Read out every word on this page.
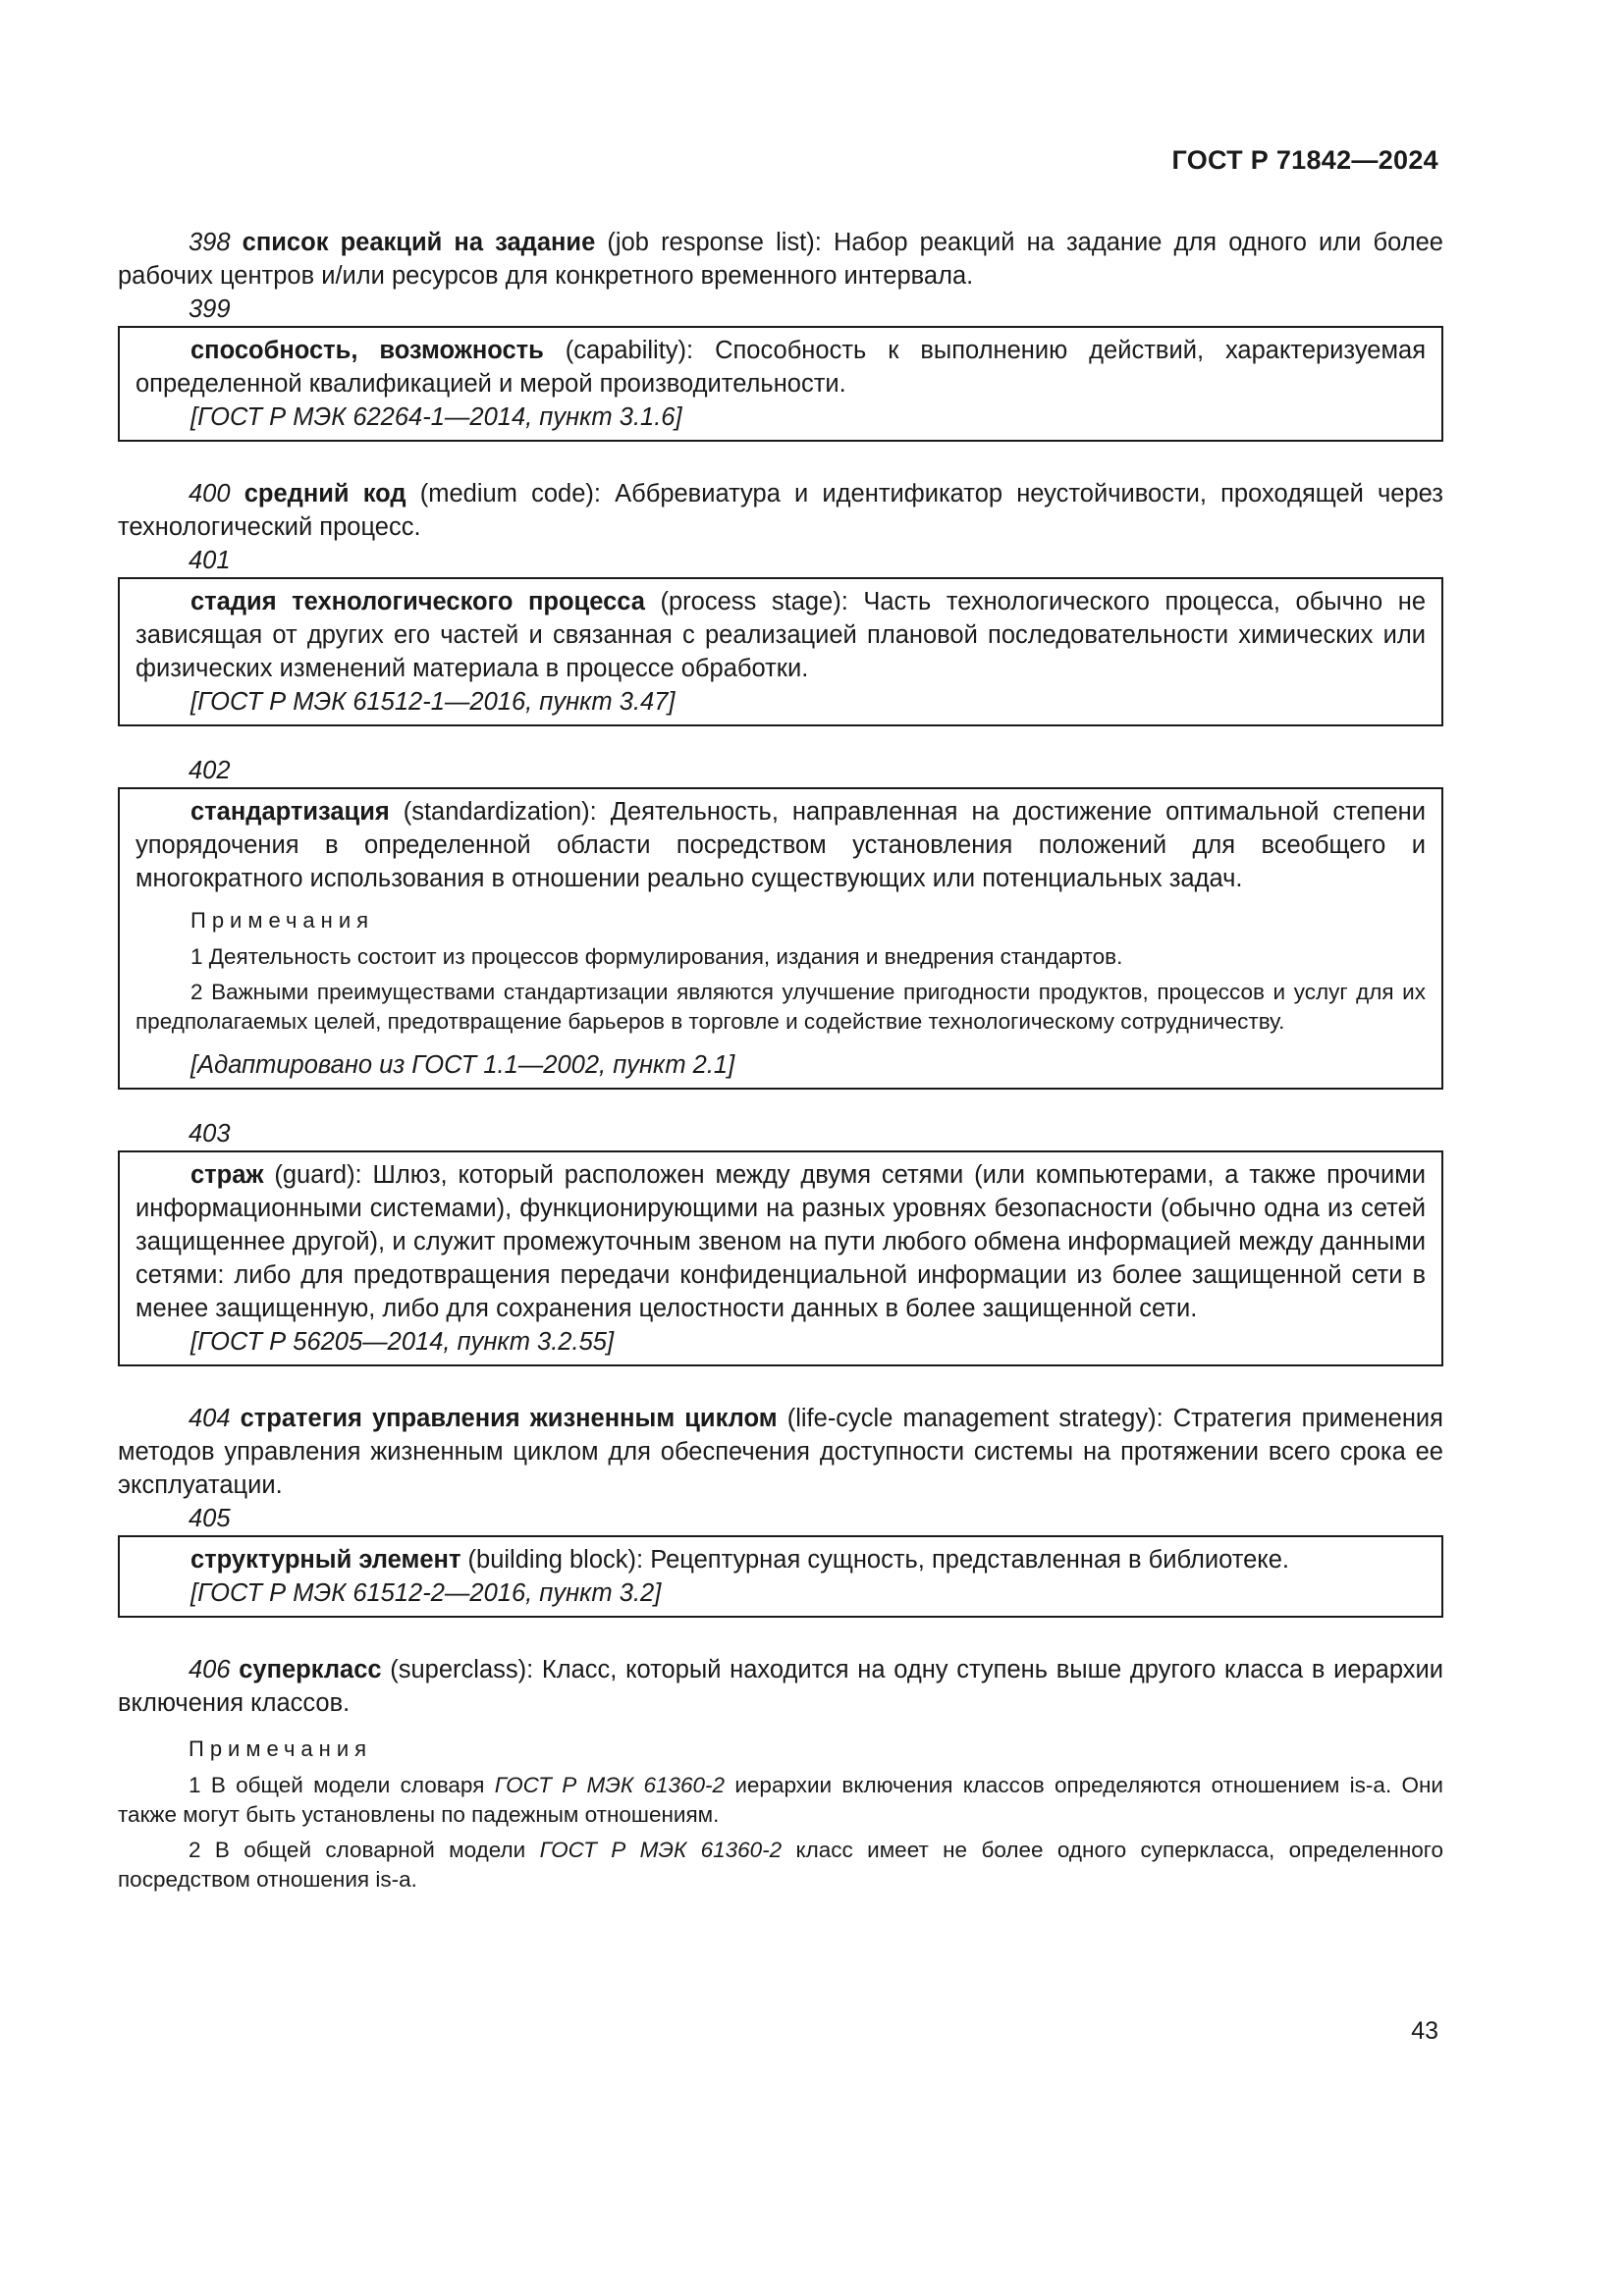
ГОСТ Р 71842—2024

398 список реакций на задание (job response list): Набор реакций на задание для одного или более рабочих центров и/или ресурсов для конкретного временного интервала.

399

способность, возможность (capability): Способность к выполнению действий, характеризуемая определенной квалификацией и мерой производительности.

[ГОСТ Р МЭК 62264-1—2014, пункт 3.1.6]

400 средний код (medium code): Аббревиатура и идентификатор неустойчивости, проходящей через технологический процесс.

401

стадия технологического процесса (process stage): Часть технологического процесса, обычно не зависящая от других его частей и связанная с реализацией плановой последовательности химических или физических изменений материала в процессе обработки.

[ГОСТ Р МЭК 61512-1—2016, пункт 3.47]
402

стандартизация (standardization): Деятельность, направленная на достижение оптимальной степени упорядочения в определенной области посредством установления положений для всеобщего и многократного использования в отношении реально существующих или потенциальных задач.

Примечания

1 Деятельность состоит из процессов формулирования, издания и внедрения стандартов.

2 Важными преимуществами стандартизации являются улучшение пригодности продуктов, процессов и услуг для их предполагаемых целей, предотвращение барьеров в торговле и содействие технологическому сотрудничеству.

[Адаптировано из ГОСТ 1.1—2002, пункт 2.1]
403

страж (guard): Шлюз, который расположен между двумя сетями (или компьютерами, а также прочими информационными системами), функционирующими на разных уровнях безопасности (обычно одна из сетей защищеннее другой), и служит промежуточным звеном на пути любого обмена информацией между данными сетями: либо для предотвращения передачи конфиденциальной информации из более защищенной сети в менее защищенную, либо для сохранения целостности данных в более защищенной сети.

[ГОСТ Р 56205—2014, пункт 3.2.55]

404 стратегия управления жизненным циклом (life-cycle management strategy): Стратегия применения методов управления жизненным циклом для обеспечения доступности системы на протяжении всего срока ее эксплуатации.

405

структурный элемент (building block): Рецептурная сущность, представленная в библиотеке.

[ГОСТ Р МЭК 61512-2—2016, пункт 3.2]

406 суперкласс (superclass): Класс, который находится на одну ступень выше другого класса в иерархии включения классов.

Примечания

1 В общей модели словаря ГОСТ Р МЭК 61360-2 иерархии включения классов определяются отношением is-a. Они также могут быть установлены по падежным отношениям.

2 В общей словарной модели ГОСТ Р МЭК 61360-2 класс имеет не более одного суперкласса, определенного посредством отношения is-a.

43
